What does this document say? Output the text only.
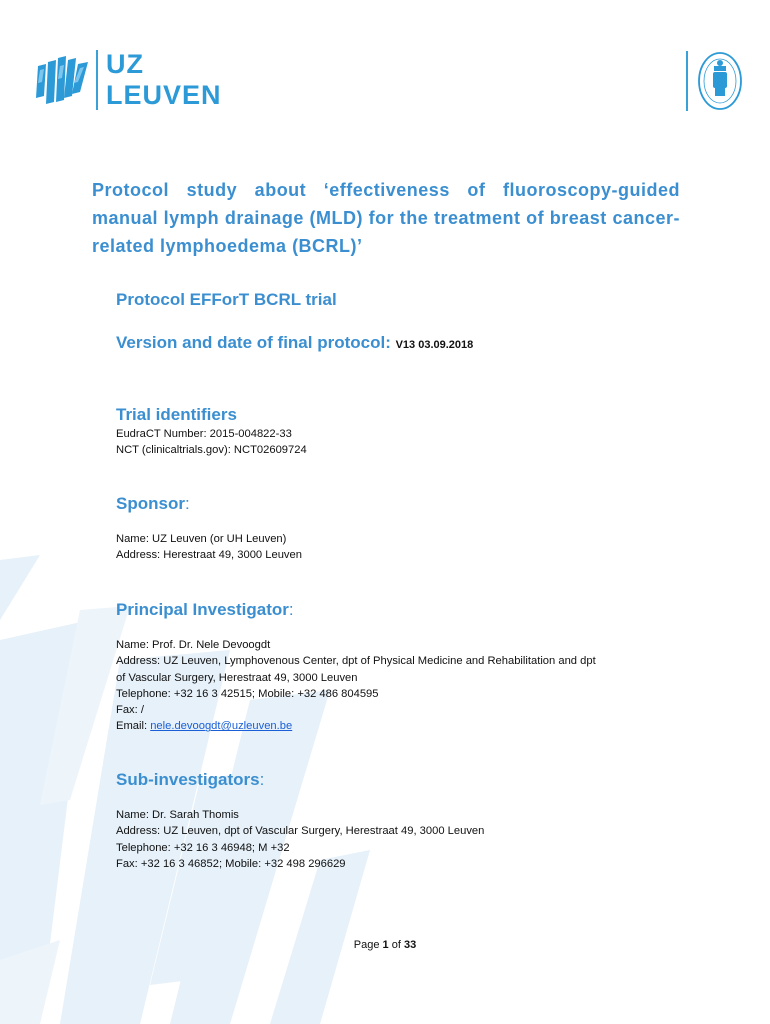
UZ
LEUVEN
Protocol study about ‘effectiveness of fluoroscopy-guided manual lymph drainage (MLD) for the treatment of breast cancer-related lymphoedema (BCRL)’
Protocol EFForT BCRL trial
Version and date of final protocol: V13 03.09.2018
Trial identifiers
EudraCT Number: 2015-004822-33
NCT (clinicaltrials.gov): NCT02609724
Sponsor:
Name: UZ Leuven (or UH Leuven)
Address: Herestraat 49, 3000 Leuven
Principal Investigator:
Name: Prof. Dr. Nele Devoogdt
Address: UZ Leuven, Lymphovenous Center, dpt of Physical Medicine and Rehabilitation and dpt
of Vascular Surgery, Herestraat 49, 3000 Leuven
Telephone: +32 16 3 42515; Mobile: +32 486 804595
Fax: /
Email: nele.devoogdt@uzleuven.be
Sub-investigators:
Name: Dr. Sarah Thomis
Address: UZ Leuven, dpt of Vascular Surgery, Herestraat 49, 3000 Leuven
Telephone: +32 16 3 46948; M +32
Fax: +32 16 3 46852; Mobile: +32 498 296629
Page 1 of 33
